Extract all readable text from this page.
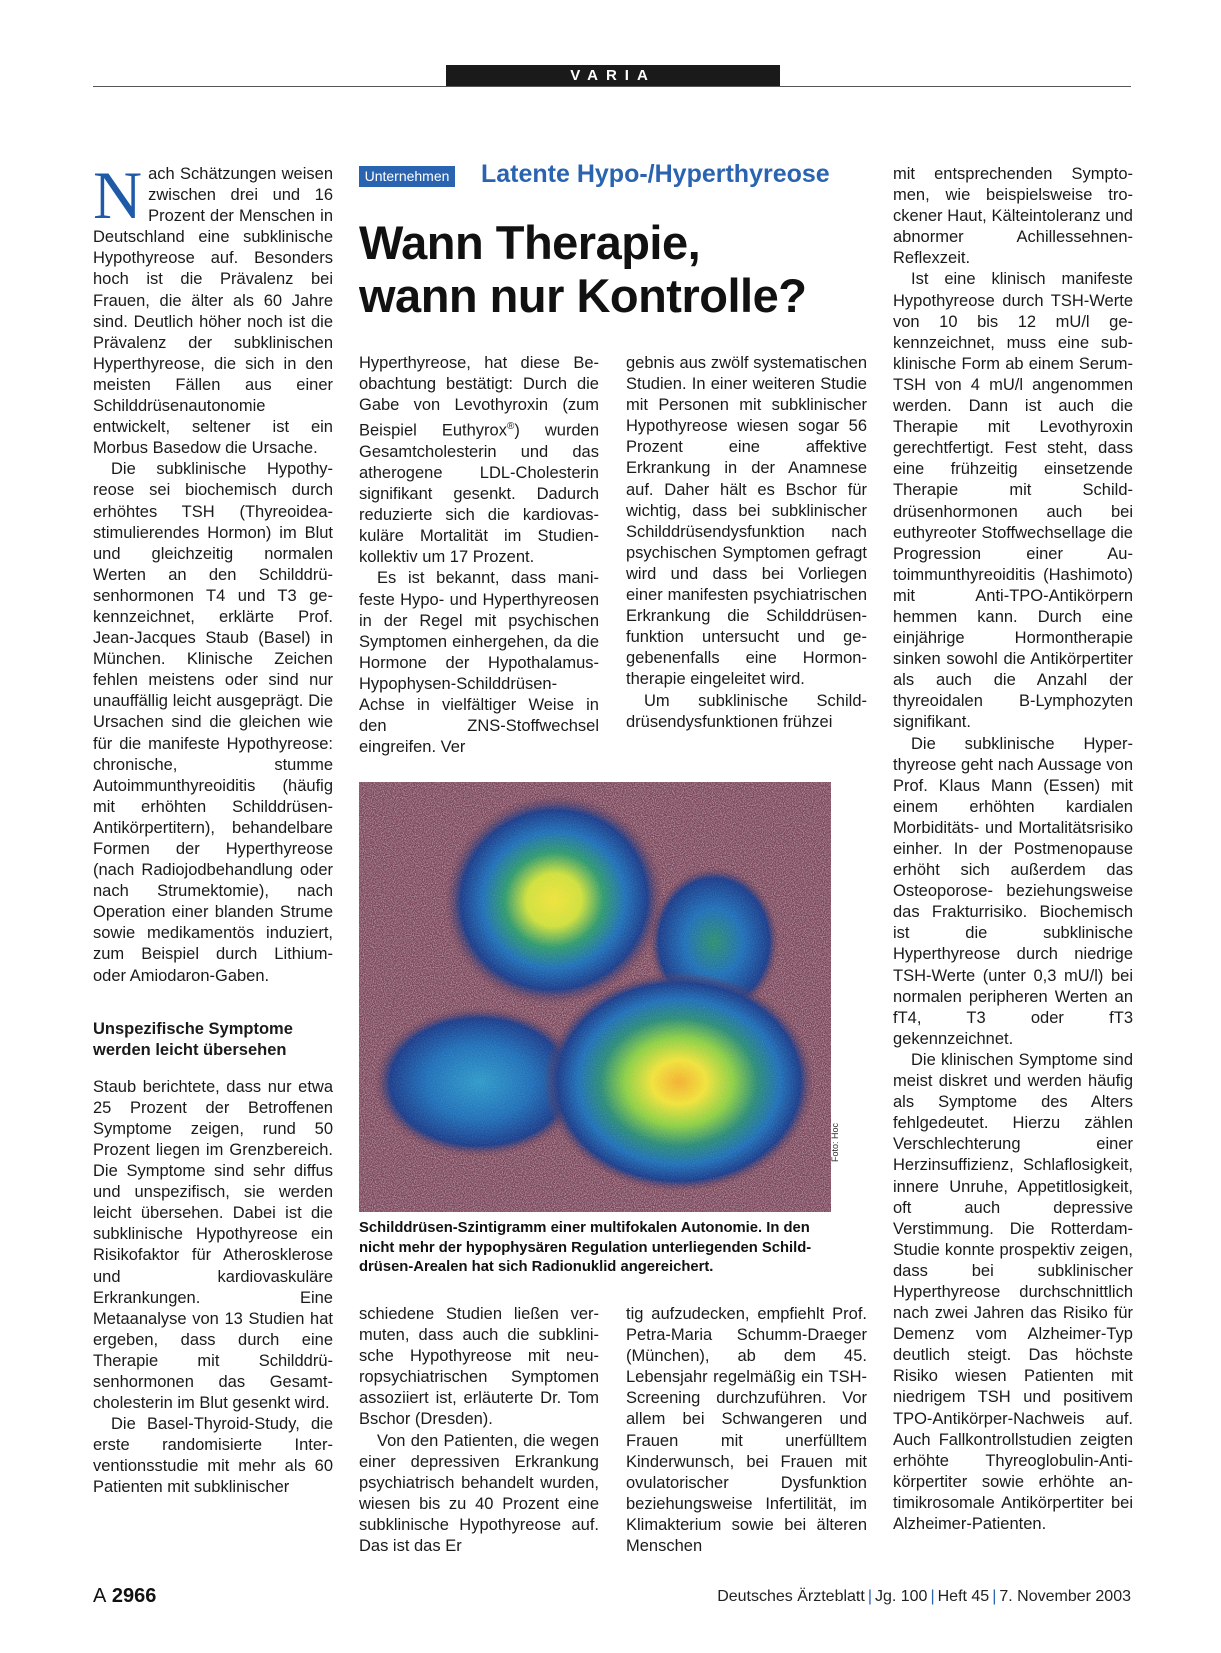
VARIA

Nach Schätzungen weisen zwischen drei und 16 Prozent der Menschen in Deutschland eine subklinische Hypothyreose auf. Besonders hoch ist die Prävalenz bei Frauen, die älter als 60 Jahre sind. Deutlich höher noch ist die Prävalenz der subklinischen Hyperthyreose, die sich in den meisten Fällen aus einer Schilddrüsenautonomie entwickelt, seltener ist ein Morbus Basedow die Ursache.

Die subklinische Hypothyreose sei biochemisch durch erhöhtes TSH (Thyreoideastimulierendes Hormon) im Blut und gleichzeitig normalen Werten an den Schilddrüsenhormonen T4 und T3 gekennzeichnet, erklärte Prof. Jean-Jacques Staub (Basel) in München. Klinische Zeichen fehlen meistens oder sind nur unauffällig leicht ausgeprägt. Die Ursachen sind die gleichen wie für die manifeste Hypothyreose: chronische, stumme Autoimmunthyreoiditis (häufig mit erhöhten Schilddrüsen-Antikörpertitern), behandelbare Formen der Hyperthyreose (nach Radiojodbehandlung oder nach Strumektomie), nach Operation einer blanden Strume sowie medikamentös induziert, zum Beispiel durch Lithium- oder Amiodaron-Gaben.

Unspezifische Symptome
werden leicht übersehen

Staub berichtete, dass nur etwa 25 Prozent der Betroffenen Symptome zeigen, rund 50 Prozent liegen im Grenzbereich. Die Symptome sind sehr diffus und unspezifisch, sie werden leicht übersehen. Dabei ist die subklinische Hypothyreose ein Risikofaktor für Atherosklerose und kardiovaskuläre Erkrankungen. Eine Metaanalyse von 13 Studien hat ergeben, dass durch eine Therapie mit Schilddrüsenhormonen das Gesamtcholesterin im Blut gesenkt wird.

Die Basel-Thyroid-Study, die erste randomisierte Interventionsstudie mit mehr als 60 Patienten mit subklinischer

Unternehmen Latente Hypo-/Hyperthyreose
Wann Therapie,
wann nur Kontrolle?

Hyperthyreose, hat diese Beobachtung bestätigt: Durch die Gabe von Levothyroxin (zum Beispiel Euthyrox®) wurden Gesamtcholesterin und das atherogene LDL-Cholesterin signifikant gesenkt. Dadurch reduzierte sich die kardiovaskuläre Mortalität im Studienkollektiv um 17 Prozent.

Es ist bekannt, dass manifeste Hypo- und Hyperthyreosen in der Regel mit psychischen Symptomen einhergehen, da die Hormone der Hypothalamus-Hypophysen-Schilddrüsen-Achse in vielfältiger Weise in den ZNS-Stoffwechsel eingreifen. Ver

gebnis aus zwölf systematischen Studien. In einer weiteren Studie mit Personen mit subklinischer Hypothyreose wiesen sogar 56 Prozent eine affektive Erkrankung in der Anamnese auf. Daher hält es Bschor für wichtig, dass bei subklinischer Schilddrüsendysfunktion nach psychischen Symptomen gefragt wird und dass bei Vorliegen einer manifesten psychiatrischen Erkrankung die Schilddrüsenfunktion untersucht und gegebenenfalls eine Hormontherapie eingeleitet wird.

Um subklinische Schilddrüsendysfunktionen frühzei

Foto: Hoc
Schilddrüsen-Szintigramm einer multifokalen Autonomie. In den nicht mehr der hypophysären Regulation unterliegenden Schilddrüsen-Arealen hat sich Radionuklid angereichert.

schiedene Studien ließen vermuten, dass auch die subklinische Hypothyreose mit neuropsychiatrischen Symptomen assoziiert ist, erläuterte Dr. Tom Bschor (Dresden).

Von den Patienten, die wegen einer depressiven Erkrankung psychiatrisch behandelt wurden, wiesen bis zu 40 Prozent eine subklinische Hypothyreose auf. Das ist das Er

tig aufzudecken, empfiehlt Prof. Petra-Maria Schumm-Draeger (München), ab dem 45. Lebensjahr regelmäßig ein TSH-Screening durchzuführen. Vor allem bei Schwangeren und Frauen mit unerfülltem Kinderwunsch, bei Frauen mit ovulatorischer Dysfunktion beziehungsweise Infertilität, im Klimakterium sowie bei älteren Menschen

mit entsprechenden Symptomen, wie beispielsweise trockener Haut, Kälteintoleranz und abnormer Achillessehnen-Reflexzeit.

Ist eine klinisch manifeste Hypothyreose durch TSH-Werte von 10 bis 12 mU/l gekennzeichnet, muss eine subklinische Form ab einem Serum-TSH von 4 mU/l angenommen werden. Dann ist auch die Therapie mit Levothyroxin gerechtfertigt. Fest steht, dass eine frühzeitig einsetzende Therapie mit Schilddrüsenhormonen auch bei euthyreoter Stoffwechsellage die Progression einer Autoimmunthyreoiditis (Hashimoto) mit Anti-TPO-Antikörpern hemmen kann. Durch eine einjährige Hormontherapie sinken sowohl die Antikörpertiter als auch die Anzahl der thyreoidalen B-Lymphozyten signifikant.

Die subklinische Hyperthyreose geht nach Aussage von Prof. Klaus Mann (Essen) mit einem erhöhten kardialen Morbiditäts- und Mortalitätsrisiko einher. In der Postmenopause erhöht sich außerdem das Osteoporose- beziehungsweise das Frakturrisiko. Biochemisch ist die subklinische Hyperthyreose durch niedrige TSH-Werte (unter 0,3 mU/l) bei normalen peripheren Werten an fT4, T3 oder fT3 gekennzeichnet.

Die klinischen Symptome sind meist diskret und werden häufig als Symptome des Alters fehlgedeutet. Hierzu zählen Verschlechterung einer Herzinsuffizienz, Schlaflosigkeit, innere Unruhe, Appetitlosigkeit, oft auch depressive Verstimmung. Die Rotterdam-Studie konnte prospektiv zeigen, dass bei subklinischer Hyperthyreose durchschnittlich nach zwei Jahren das Risiko für Demenz vom Alzheimer-Typ deutlich steigt. Das höchste Risiko wiesen Patienten mit niedrigem TSH und positivem TPO-Antikörper-Nachweis auf. Auch Fallkontrollstudien zeigten erhöhte Thyreoglobulin-Antikörpertiter sowie erhöhte antimikrosomale Antikörpertiter bei Alzheimer-Patienten.

A 2966	Deutsches Ärzteblatt | Jg. 100 | Heft 45 | 7. November 2003
